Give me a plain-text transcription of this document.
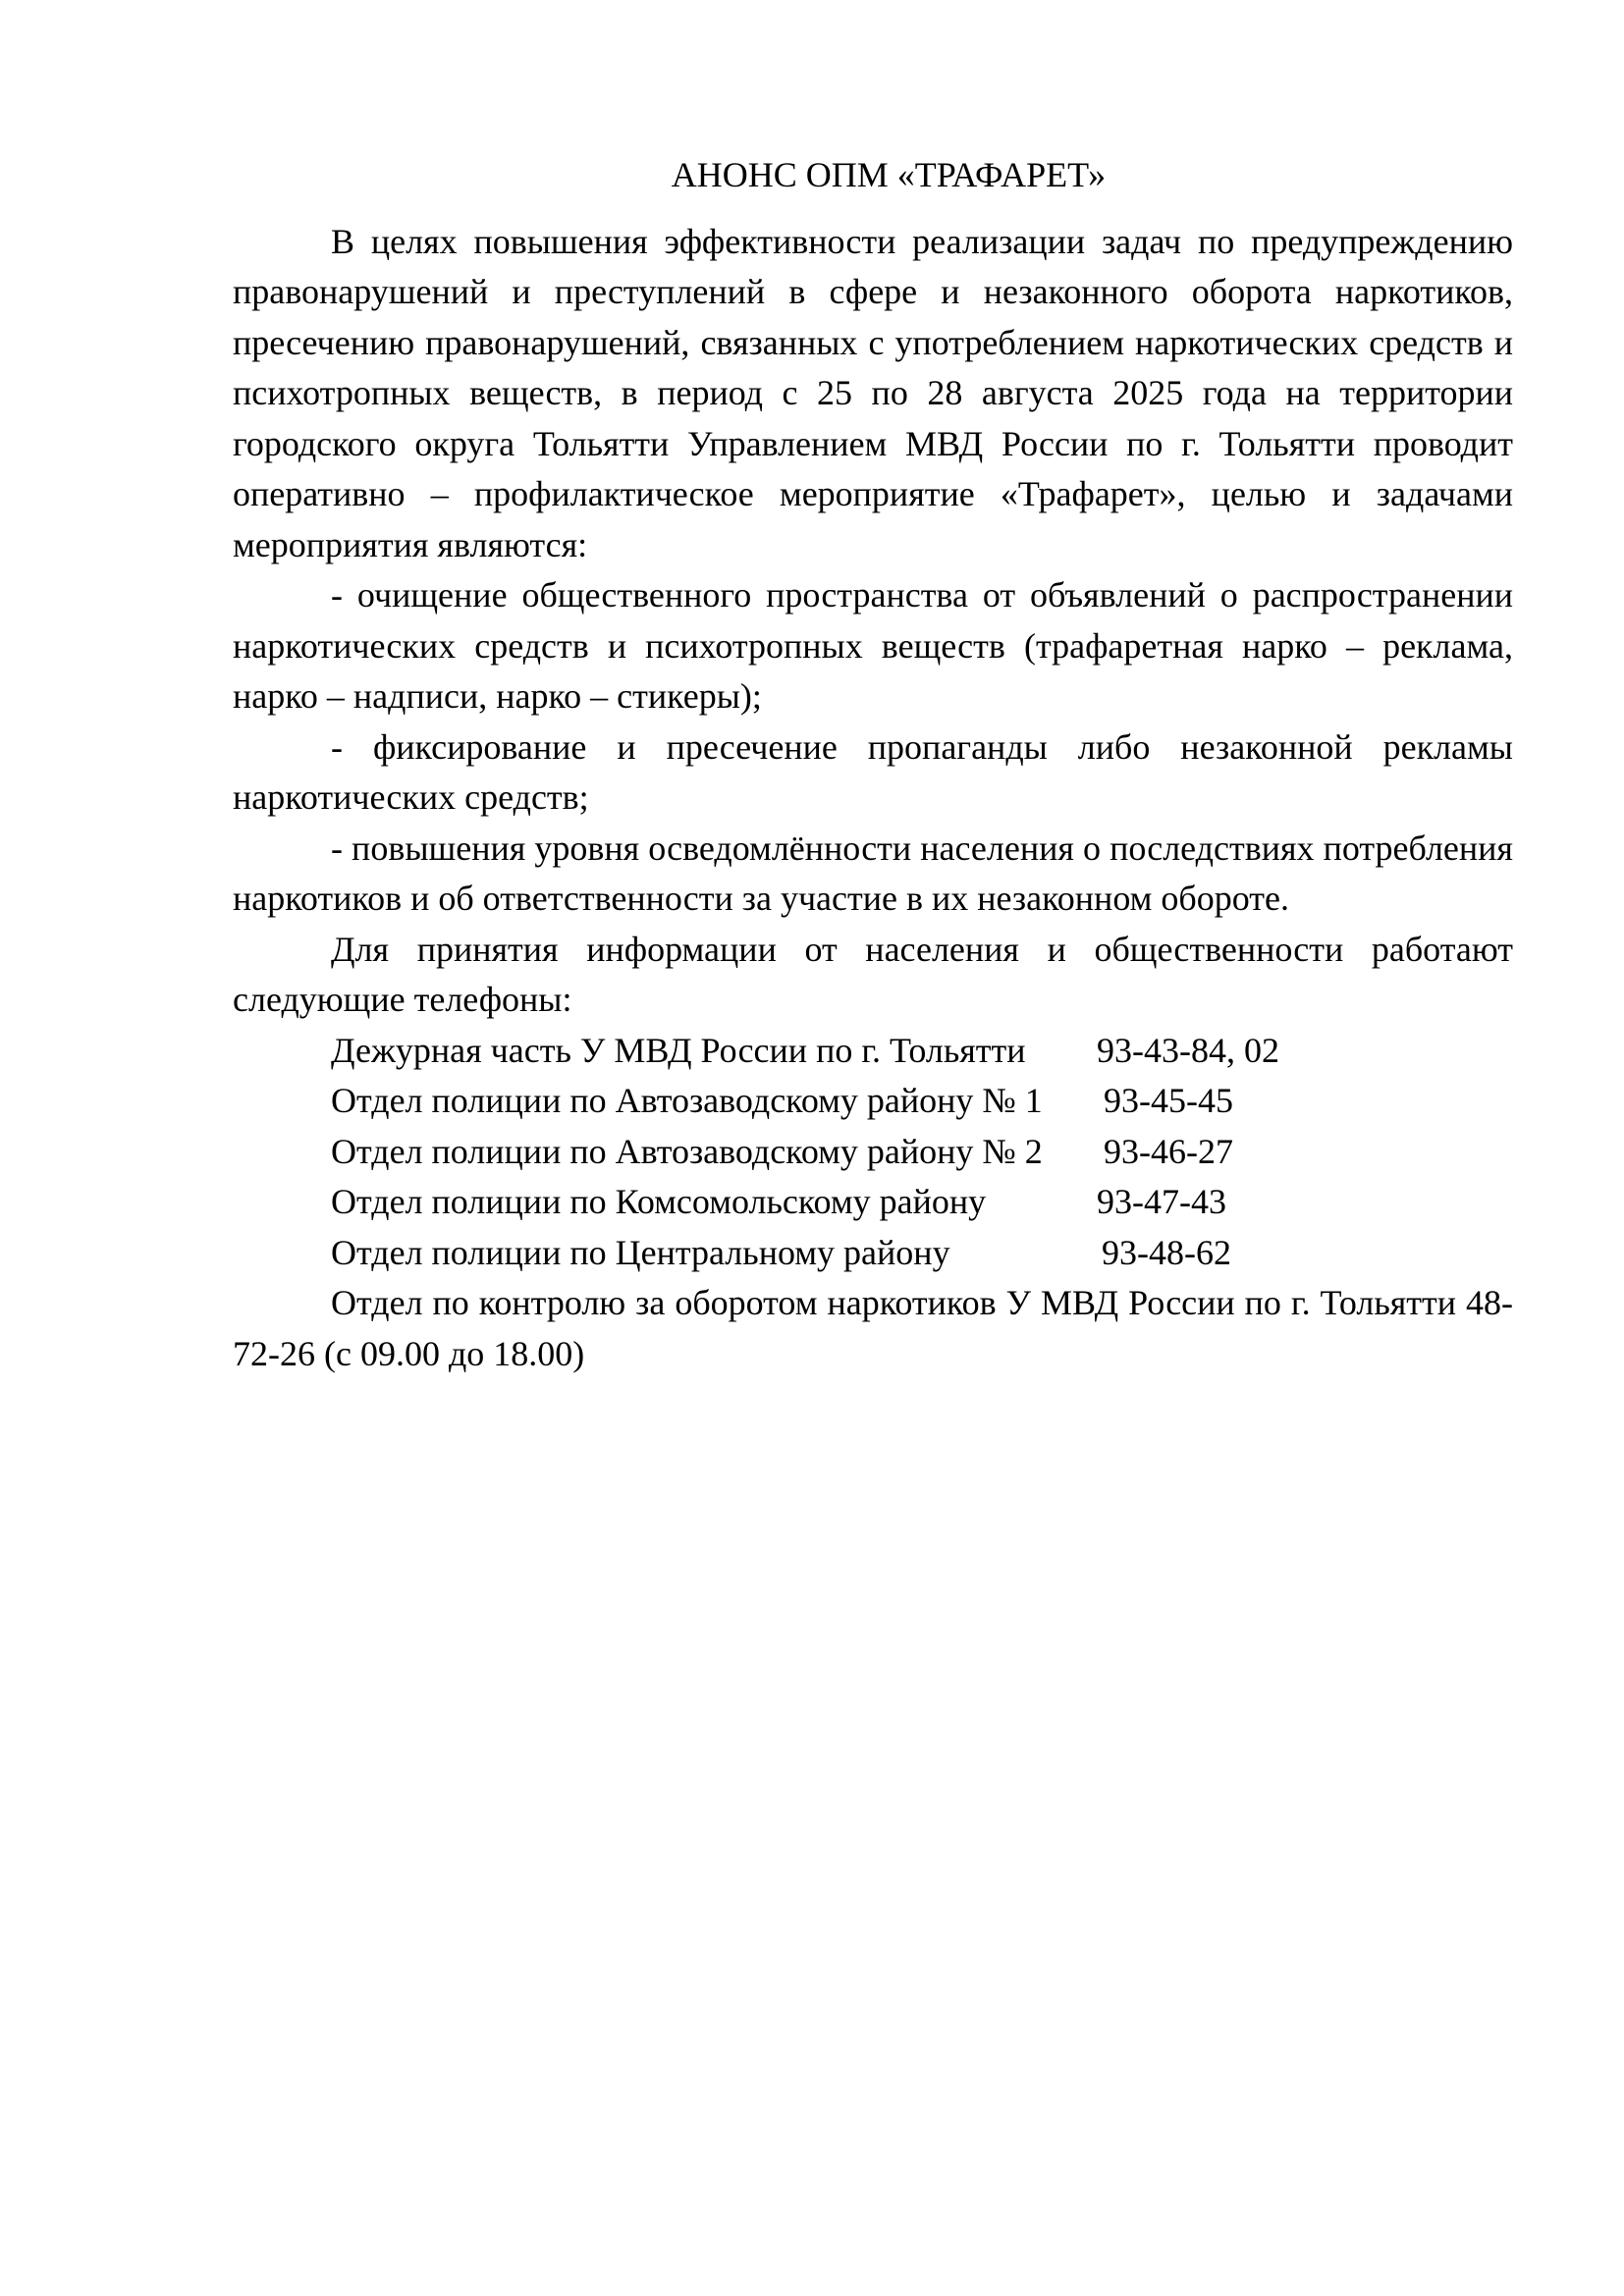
АНОНС ОПМ «ТРАФАРЕТ»

В целях повышения эффективности реализации задач по предупреждению правонарушений и преступлений в сфере и незаконного оборота наркотиков, пресечению правонарушений, связанных с употреблением наркотических средств и психотропных веществ, в период с 25 по 28 августа 2025 года на территории городского округа Тольятти Управлением МВД России по г. Тольятти проводит оперативно – профилактическое мероприятие «Трафарет», целью и задачами мероприятия являются:

- очищение общественного пространства от объявлений о распространении наркотических средств и психотропных веществ (трафаретная нарко – реклама, нарко – надписи, нарко – стикеры);

- фиксирование и пресечение пропаганды либо незаконной рекламы наркотических средств;

- повышения уровня осведомлённости населения о последствиях потребления наркотиков и об ответственности за участие в их незаконном обороте.

Для принятия информации от населения и общественности работают следующие телефоны:

Дежурная часть У МВД России по г. Тольятти	93-43-84, 02
Отдел полиции по Автозаводскому району № 1	93-45-45
Отдел полиции по Автозаводскому району № 2	93-46-27
Отдел полиции по Комсомольскому району	93-47-43
Отдел полиции по Центральному району	93-48-62

Отдел по контролю за оборотом наркотиков У МВД России по г. Тольятти 48-72-26 (с 09.00 до 18.00)
